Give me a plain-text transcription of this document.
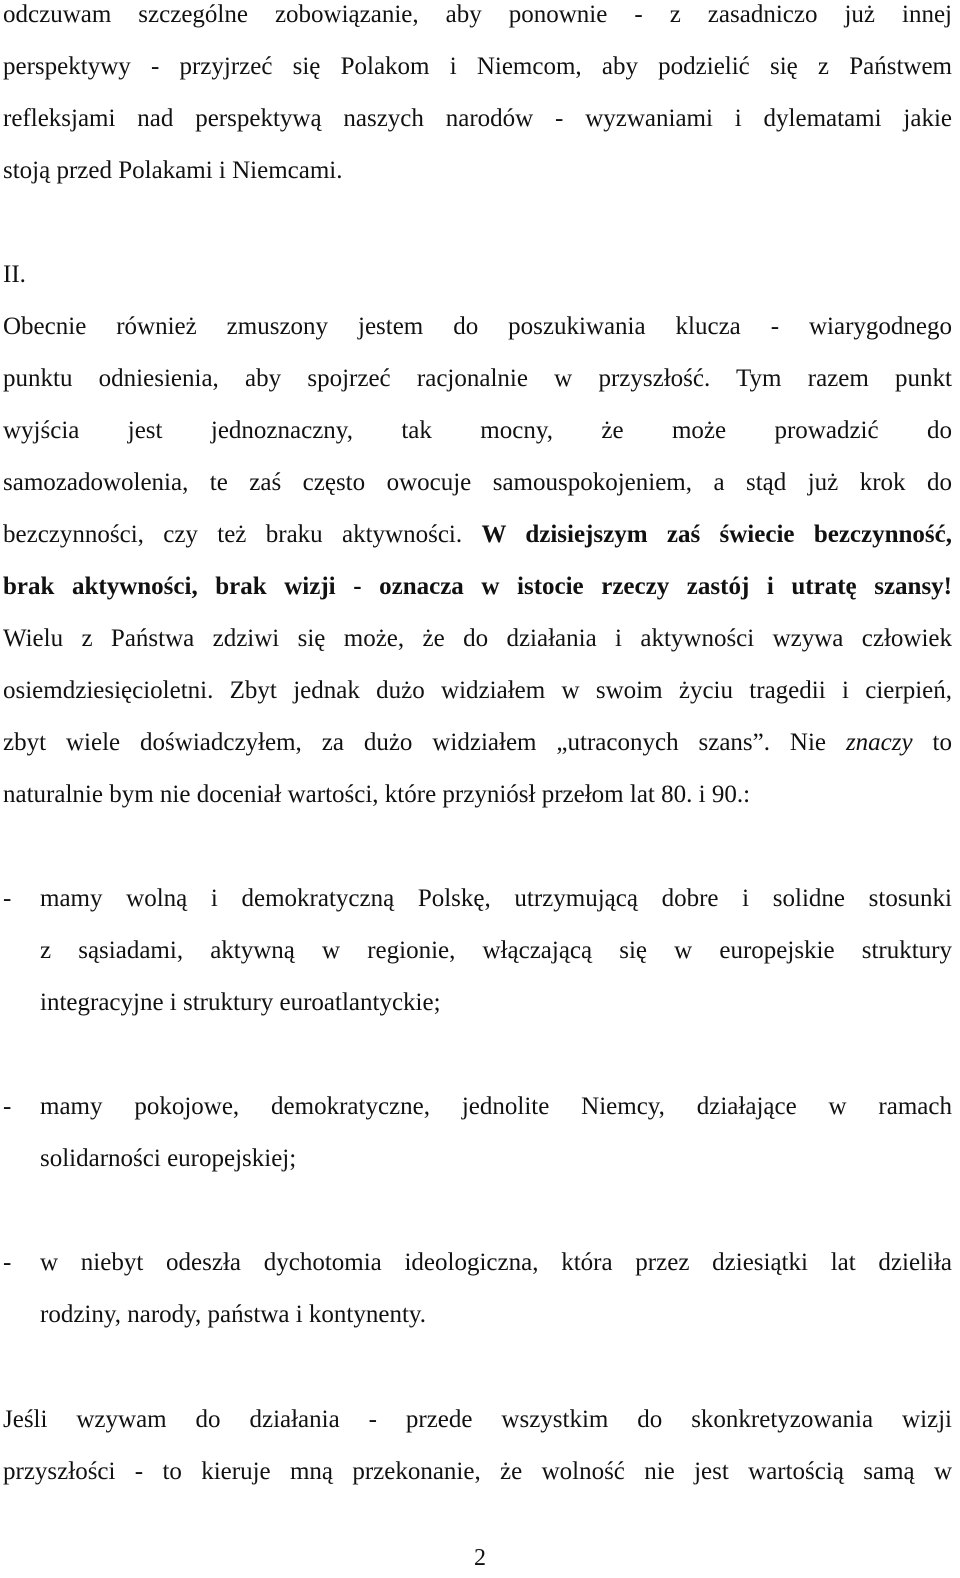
odczuwam szczególne zobowiązanie, aby ponownie - z zasadniczo już innej
perspektywy - przyjrzeć się Polakom i Niemcom, aby podzielić się z Państwem
refleksjami nad perspektywą naszych narodów - wyzwaniami i dylematami jakie
stoją przed Polakami i Niemcami.
II.
Obecnie również zmuszony jestem do poszukiwania klucza - wiarygodnego
punktu odniesienia, aby spojrzeć racjonalnie w przyszłość. Tym razem punkt
wyjścia jest jednoznaczny, tak mocny, że może prowadzić do
samozadowolenia, te zaś często owocuje samouspokojeniem, a stąd już krok do
bezczynności, czy też braku aktywności. W dzisiejszym zaś świecie bezczynność,
brak aktywności, brak wizji - oznacza w istocie rzeczy zastój i utratę szansy!
Wielu z Państwa zdziwi się może, że do działania i aktywności wzywa człowiek
osiemdziesięcioletni. Zbyt jednak dużo widziałem w swoim życiu tragedii i cierpień,
zbyt wiele doświadczyłem, za dużo widziałem „utraconych szans”. Nie znaczy to
naturalnie bym nie doceniał wartości, które przyniósł przełom lat 80. i 90.:
- mamy wolną i demokratyczną Polskę, utrzymującą dobre i solidne stosunki
z sąsiadami, aktywną w regionie, włączającą się w europejskie struktury
integracyjne i struktury euroatlantyckie;
- mamy pokojowe, demokratyczne, jednolite Niemcy, działające w ramach
solidarności europejskiej;
- w niebyt odeszła dychotomia ideologiczna, która przez dziesiątki lat dzieliła
rodziny, narody, państwa i kontynenty.
Jeśli wzywam do działania - przede wszystkim do skonkretyzowania wizji
przyszłości - to kieruje mną przekonanie, że wolność nie jest wartością samą w
2
